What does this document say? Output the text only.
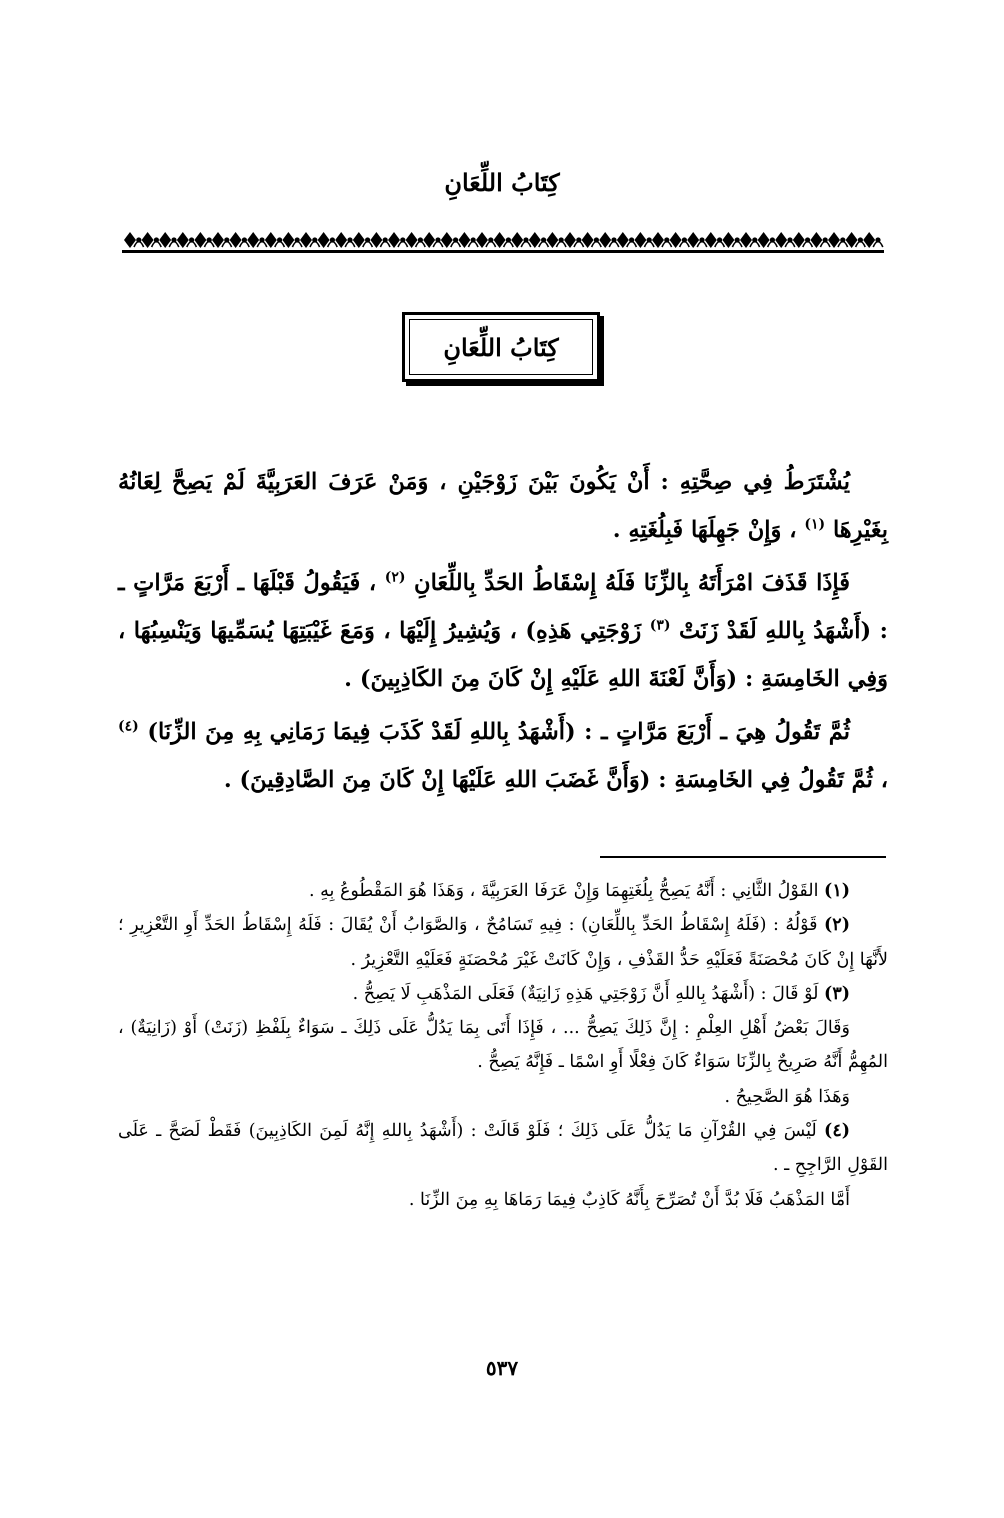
كِتَابُ اللِّعَانِ
كِتَابُ اللِّعَانِ

يُشْتَرَطُ فِي صِحَّتِهِ : أَنْ يَكُونَ بَيْنَ زَوْجَيْنِ ، وَمَنْ عَرَفَ العَرَبِيَّةَ لَمْ يَصِحَّ لِعَانُهُ بِغَيْرِهَا $^{(١)}$ ، وَإِنْ جَهِلَهَا فَبِلُغَتِهِ .

فَإِذَا قَذَفَ امْرَأَتَهُ بِالزِّنَا فَلَهُ إِسْقَاطُ الحَدِّ بِاللِّعَانِ $^{(٢)}$ ، فَيَقُولُ قَبْلَهَا ـ أَرْبَعَ مَرَّاتٍ ـ : (أَشْهَدُ بِاللهِ لَقَدْ زَنَتْ $^{(٣)}$ زَوْجَتِي هَذِهِ) ، وَيُشِيرُ إِلَيْهَا ، وَمَعَ غَيْبَتِهَا يُسَمِّيهَا وَيَنْسِبُهَا ، وَفِي الخَامِسَةِ : (وَأَنَّ لَعْنَةَ اللهِ عَلَيْهِ إِنْ كَانَ مِنَ الكَاذِبِينَ) .

ثُمَّ تَقُولُ هِيَ ـ أَرْبَعَ مَرَّاتٍ ـ : (أَشْهَدُ بِاللهِ لَقَدْ كَذَبَ فِيمَا رَمَانِي بِهِ مِنَ الزِّنَا) $^{(٤)}$ ، ثُمَّ تَقُولُ فِي الخَامِسَةِ : (وَأَنَّ غَضَبَ اللهِ عَلَيْهَا إِنْ كَانَ مِنَ الصَّادِقِينَ) .

(١) القَوْلُ الثَّانِي : أَنَّهُ يَصِحُّ بِلُغَتِهِمَا وَإِنْ عَرَفَا العَرَبِيَّةَ ، وَهَذَا هُوَ المَقْطُوعُ بِهِ .

(٢) قَوْلُهُ : (فَلَهُ إِسْقَاطُ الحَدِّ بِاللِّعَانِ) : فِيهِ تَسَامُحٌ ، وَالصَّوَابُ أَنْ يُقَالَ : فَلَهُ إِسْقَاطُ الحَدِّ أَوِ التَّعْزِيرِ ؛ لأَنَّهَا إِنْ كَانَ مُحْصَنَةً فَعَلَيْهِ حَدُّ القَذْفِ ، وَإِنْ كَانَتْ غَيْرَ مُحْصَنَةٍ فَعَلَيْهِ التَّعْزِيرُ .

(٣) لَوْ قَالَ : (أَشْهَدُ بِاللهِ أَنَّ زَوْجَتِي هَذِهِ زَانِيَةٌ) فَعَلَى المَذْهَبِ لَا يَصِحُّ .

وَقَالَ بَعْضُ أَهْلِ العِلْمِ : إِنَّ ذَلِكَ يَصِحُّ ... ، فَإِذَا أَتَى بِمَا يَدُلُّ عَلَى ذَلِكَ ـ سَوَاءٌ بِلَفْظِ (زَنَتْ) أَوْ (زَانِيَةٌ) ، المُهِمُّ أَنَّهُ صَرِيحٌ بِالزِّنَا سَوَاءٌ كَانَ فِعْلًا أَوِ اسْمًا ـ فَإِنَّهُ يَصِحُّ .

وَهَذَا هُوَ الصَّحِيحُ .

(٤) لَيْسَ فِي القُرْآنِ مَا يَدُلُّ عَلَى ذَلِكَ ؛ فَلَوْ قَالَتْ : (أَشْهَدُ بِاللهِ إِنَّهُ لَمِنَ الكَاذِبِينَ) فَقَطْ لَصَحَّ ـ عَلَى القَوْلِ الرَّاجِحِ ـ .

أَمَّا المَذْهَبُ فَلَا بُدَّ أَنْ تُصَرِّحَ بِأَنَّهُ كَاذِبٌ فِيمَا رَمَاهَا بِهِ مِنَ الزِّنَا .

٥٣٧
